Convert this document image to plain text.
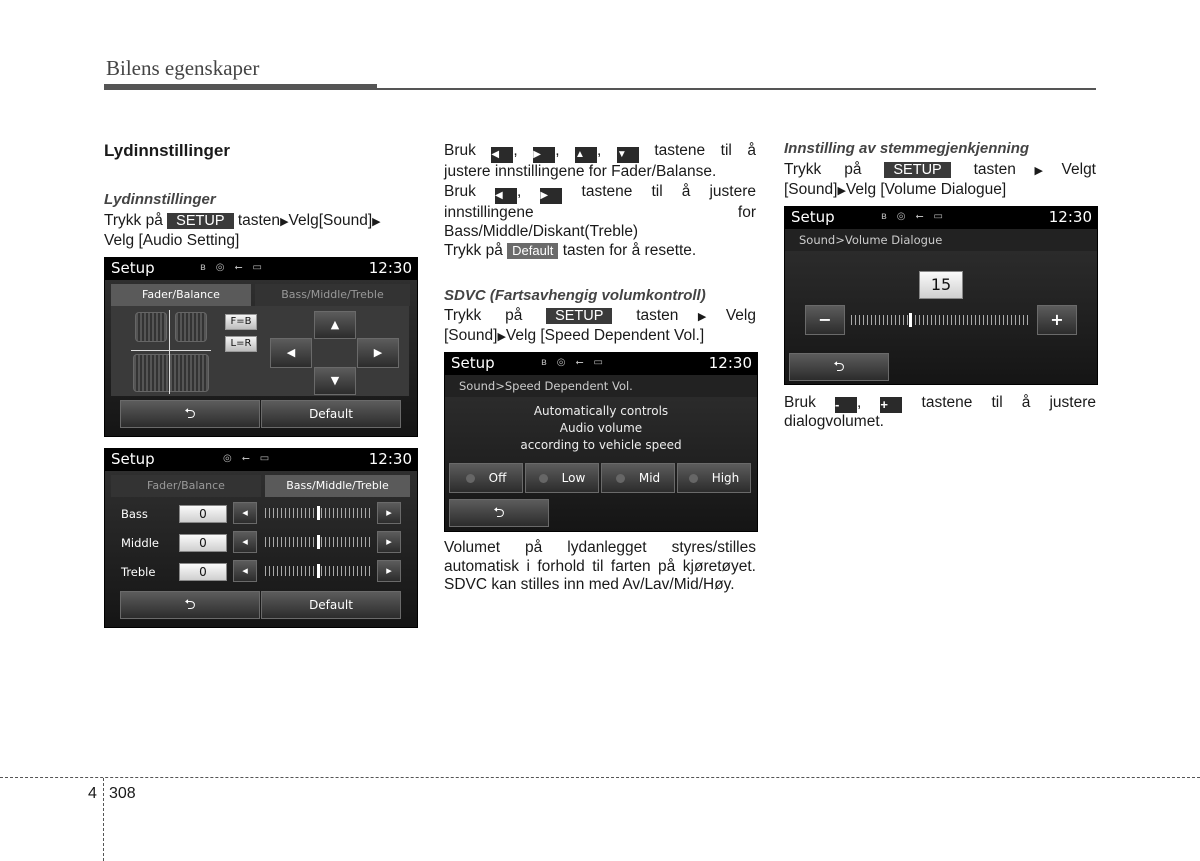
Bilens egenskaper
Lydinnstillinger
Lydinnstillinger
Trykk på SETUP tasten▶Velg[Sound]▶
Velg [Audio Setting]
Setup	ʙ ◎ ⭠ ▭	12:30
Fader/Balance	Bass/Middle/Treble
F=B
L=R
▲
◀	▶
▼
⮌	Default
Setup	◎ ⭠ ▭	12:30
Fader/Balance	Bass/Middle/Treble
Bass	0	◂	▸
Middle	0	◂	▸
Treble	0	◂	▸
⮌	Default
Bruk ◀ , ▶ , ▲ , ▼ tastene til å
justere innstillingene for Fader/Balanse.
Bruk ◀ , ▶ tastene til å justere
innstillingene	for
Bass/Middle/Diskant(Treble)
Trykk på Default tasten for å resette.
SDVC (Fartsavhengig volumkontroll)
Trykk på SETUP tasten▶Velg
[Sound]▶Velg [Speed Dependent Vol.]
Setup	ʙ ◎ ⭠ ▭	12:30
Sound>Speed Dependent Vol.
Automatically controls
Audio volume
according to vehicle speed
Off	Low	Mid	High
⮌
Volumet på lydanlegget styres/stilles automatisk i forhold til farten på kjøretøyet. SDVC kan stilles inn med Av/Lav/Mid/Høy.
Innstilling av stemmegjenkjenning
Trykk på SETUP tasten▶Velgt
[Sound]▶Velg [Volume Dialogue]
Setup	ʙ ◎ ⭠ ▭	12:30
Sound>Volume Dialogue
15
−	+
⮌
Bruk - , + tastene til å justere
dialogvolumet.
4 308
